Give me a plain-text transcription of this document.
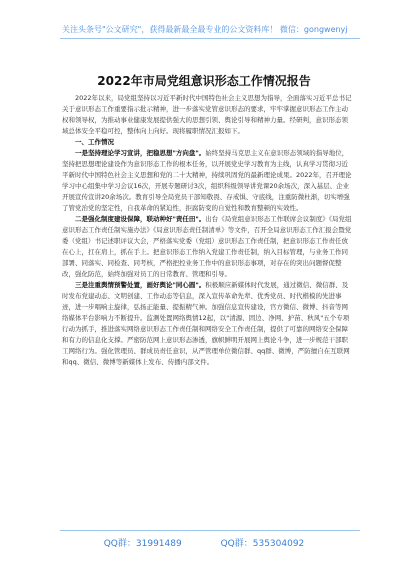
关注头条号"公文研究"，获得最新最全最专业的公文资料库！ 微信：gongwenyj
2022年市局党组意识形态工作情况报告

2022年以来，局党组坚持以习近平新时代中国特色社会主义思想为指导，全面落实习近平总书记关于意识形态工作重要指示批示精神，进一步落实党管意识形态的要求，牢牢掌握意识形态工作主动权和领导权，为推动事业健康发展提供强大的思想引领、舆论引导和精神力量。经研判，意识形态领域总体安全平稳可控，整体向上向好。现将履职情况汇报如下。

一、工作情况

一是坚持理论学习宣讲，把稳思想"方向盘"。始终坚持马克思主义在意识形态领域的指导地位，坚持把思想理论建设作为意识形态工作的根本任务，以开展党史学习教育为主线，认真学习贯彻习近平新时代中国特色社会主义思想和党的二十大精神，持续巩固党的最新理论成果。2022年，召开理论学习中心组集中学习会议16次，开展专题研讨3次，组织科级领导讲党课20余场次，深入基层、企业开展宣传宣讲20余场次。教育引导全局党员干部知敬畏、存戒惧、守底线，注重防微杜渐，切实增强了管党治党的坚定性，自我革命的紧迫性，拒腐防变的自觉性和教育整顿的实效性。

二是强化制度建设保障，联动种好"责任田"。出台《局党组意识形态工作联席会议制度》《局党组意识形态工作责任制实施办法》《局意识形态责任制清单》等文件，召开全局意识形态工作汇报会暨党委（党组）书记述职评议大会，严格落实党委（党组）意识形态工作责任制，把意识形态工作责任放在心上，扛在肩上，抓在手上。把意识形态工作纳入党建工作责任制，纳入目标管理，与业务工作同部署、同落实、同检查、同考核，严格把控业务工作中的意识形态事项，对存在的突出问题督促整改，强化防范，始终加强对员工的日常教育、管理和引导。

三是注重舆情预警处置，画好舆论"同心圆"。积极顺应新媒体时代发展，通过微信、微信群、及时发布党建动态、文明创建、工作动态等信息，深入宣传革命先辈、优秀党员、时代楷模的先进事迹，进一步唱响主旋律，弘扬正能量、提振精气神。加强信息宣传建设，官方微信、微博、抖音等网络媒体平台影响力不断提升。监测处置网络舆情12起，以"清源、固边、净网、护苗、秋风"五个专项行动为抓手，推进落实网络意识形态工作责任制和网络安全工作责任制，提供了可靠的网络安全保障和有力的信息化支撑。严密防范网上意识形态渗透，旗帜鲜明开展网上舆论斗争，进一步规范干部职工网络行为。强化管理员、群成员责任意识，从严管理单位微信群、qq群、微博，严防擅自在互联网和qq、微信、微博等新媒体上发布、传播内部文件。

QQ群：31991489	QQ群：535304092
